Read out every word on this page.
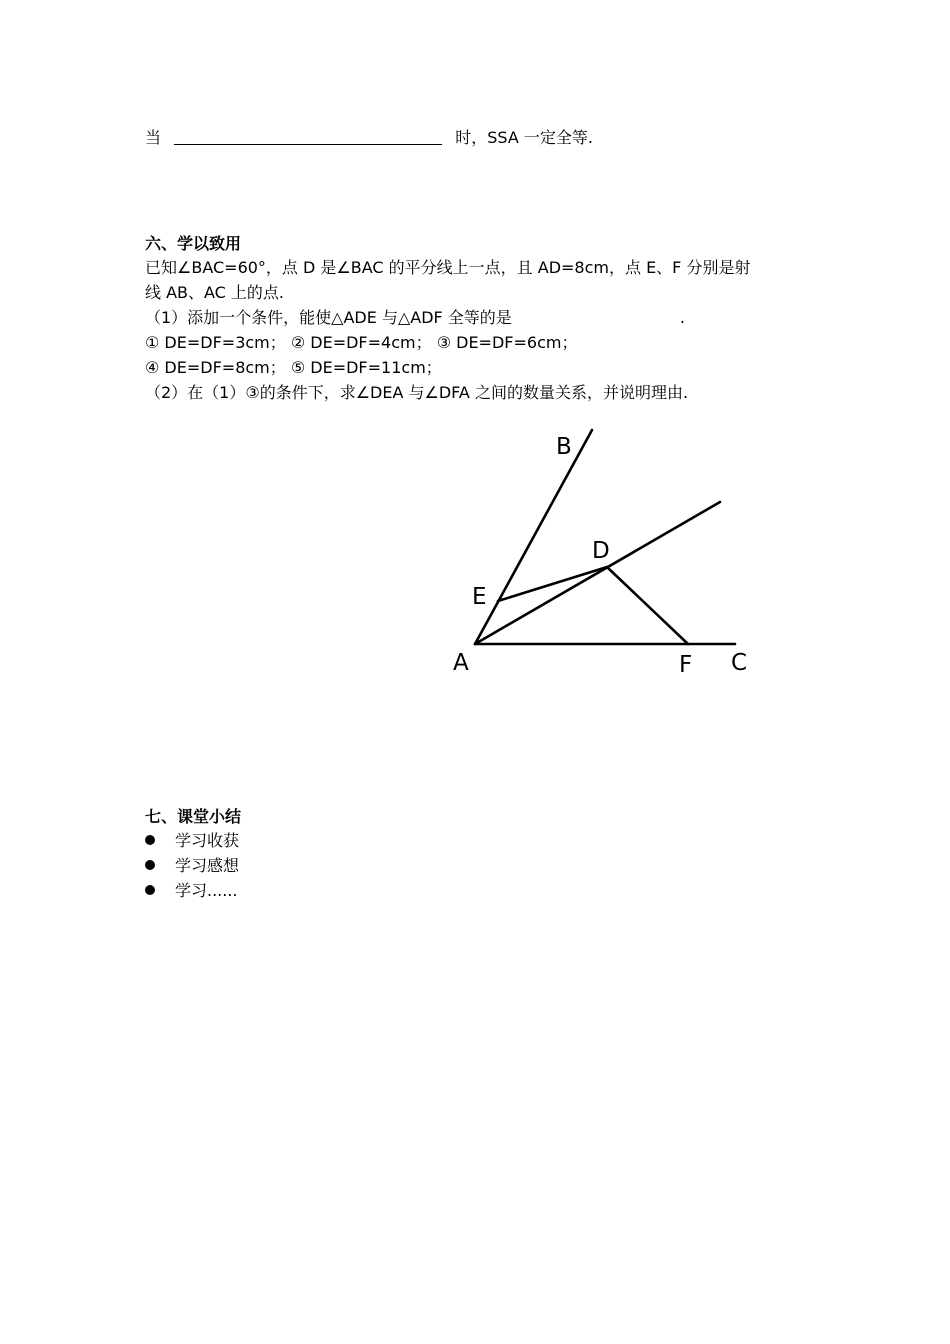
当	时，SSA 一定全等.
六、学以致用
已知∠BAC=60°，点 D 是∠BAC 的平分线上一点，且 AD=8cm，点 E、F 分别是射
线 AB、AC 上的点.
（1）添加一个条件，能使△ADE 与△ADF 全等的是	.
① DE=DF=3cm； ② DE=DF=4cm； ③ DE=DF=6cm；
④ DE=DF=8cm； ⑤ DE=DF=11cm；
（2）在（1）③的条件下，求∠DEA 与∠DFA 之间的数量关系，并说明理由.
B
D
E
A	F C
七、课堂小结
学习收获
学习感想
学习......
